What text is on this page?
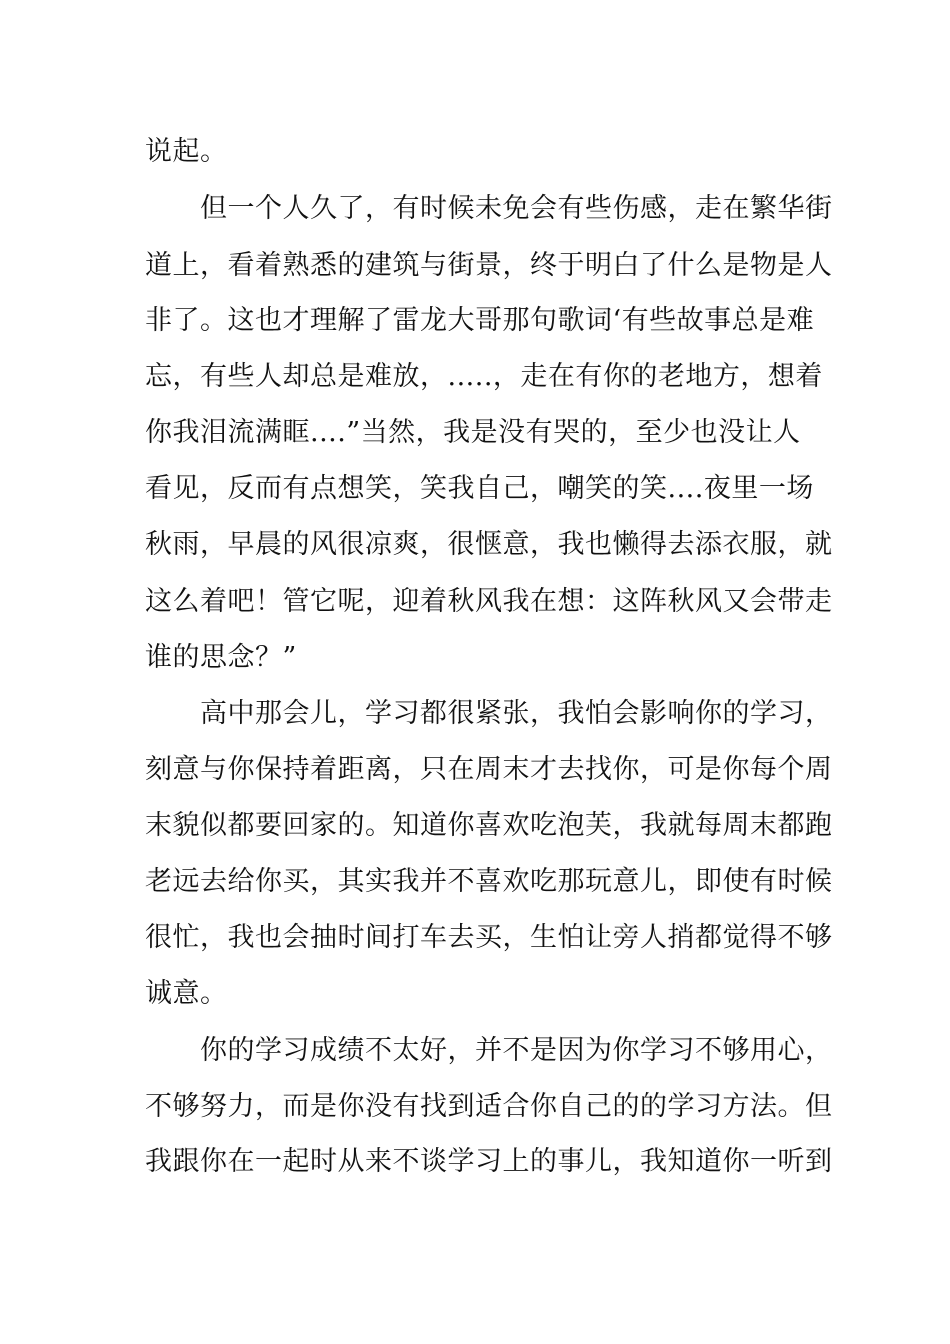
说起。
但一个人久了，有时候未免会有些伤感，走在繁华街
道上，看着熟悉的建筑与街景，终于明白了什么是物是人
非了。这也才理解了雷龙大哥那句歌词‘有些故事总是难
忘，有些人却总是难放，.....，走在有你的老地方，想着
你我泪流满眶....”当然，我是没有哭的，至少也没让人
看见，反而有点想笑，笑我自己，嘲笑的笑....夜里一场
秋雨，早晨的风很凉爽，很惬意，我也懒得去添衣服，就
这么着吧！管它呢，迎着秋风我在想：这阵秋风又会带走
谁的思念？”
高中那会儿，学习都很紧张，我怕会影响你的学习，
刻意与你保持着距离，只在周末才去找你，可是你每个周
末貌似都要回家的。知道你喜欢吃泡芙，我就每周末都跑
老远去给你买，其实我并不喜欢吃那玩意儿，即使有时候
很忙，我也会抽时间打车去买，生怕让旁人捎都觉得不够
诚意。
你的学习成绩不太好，并不是因为你学习不够用心，
不够努力，而是你没有找到适合你自己的的学习方法。但
我跟你在一起时从来不谈学习上的事儿，我知道你一听到
